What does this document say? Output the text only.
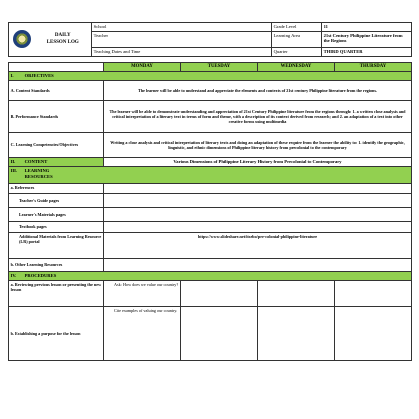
	DAILY
LESSON LOG	School	Grade Level	11
		Teacher	Learning Area	21st Century Philippine Literature from the Regions
		Teaching Dates and Time	Quarter	THIRD QUARTER
	MONDAY	TUESDAY	WEDNESDAY	THURSDAY
I. OBJECTIVES				
A. Content Standards	The learner will be able to understand and appreciate the elements and contexts of 21st century Philippine literature from the regions.			
B. Performance Standards	The learner will be able to demonstrate understanding and appreciation of 21st Century Philippine literature from the regions through: 1. a written close analysis and critical interpretation of a literary text in terms of form and theme, with a description of its context derived from research; and 2. an adaptation of a text into other creative forms using multimedia			
C. Learning Competencies/Objectives	Writing a close analysis and critical interpretation of literary texts and doing an adaptation of these require from the learner the ability to: 1. identify the geographic, linguistic, and ethnic dimensions of Philippine literary history from precolonial to the contemporary			
II. CONTENT	Various Dimensions of Philippine Literary History from Precolonial to Contemporary			
III. LEARNING RESOURCES				
a. References				
Teacher's Guide pages				
Learner's Materials pages				
Textbook pages				
Additional Materials from Learning Resource (LR) portal	https://www.slideshare.net/itsebo/pre-colonial-philippine-literature			
b. Other Learning Resources				
IV. PROCEDURES				
a. Reviewing previous lesson or presenting the new lesson	Ask: How does we value our country?			
b. Establishing a purpose for the lesson	Cite examples of valuing our country.			
